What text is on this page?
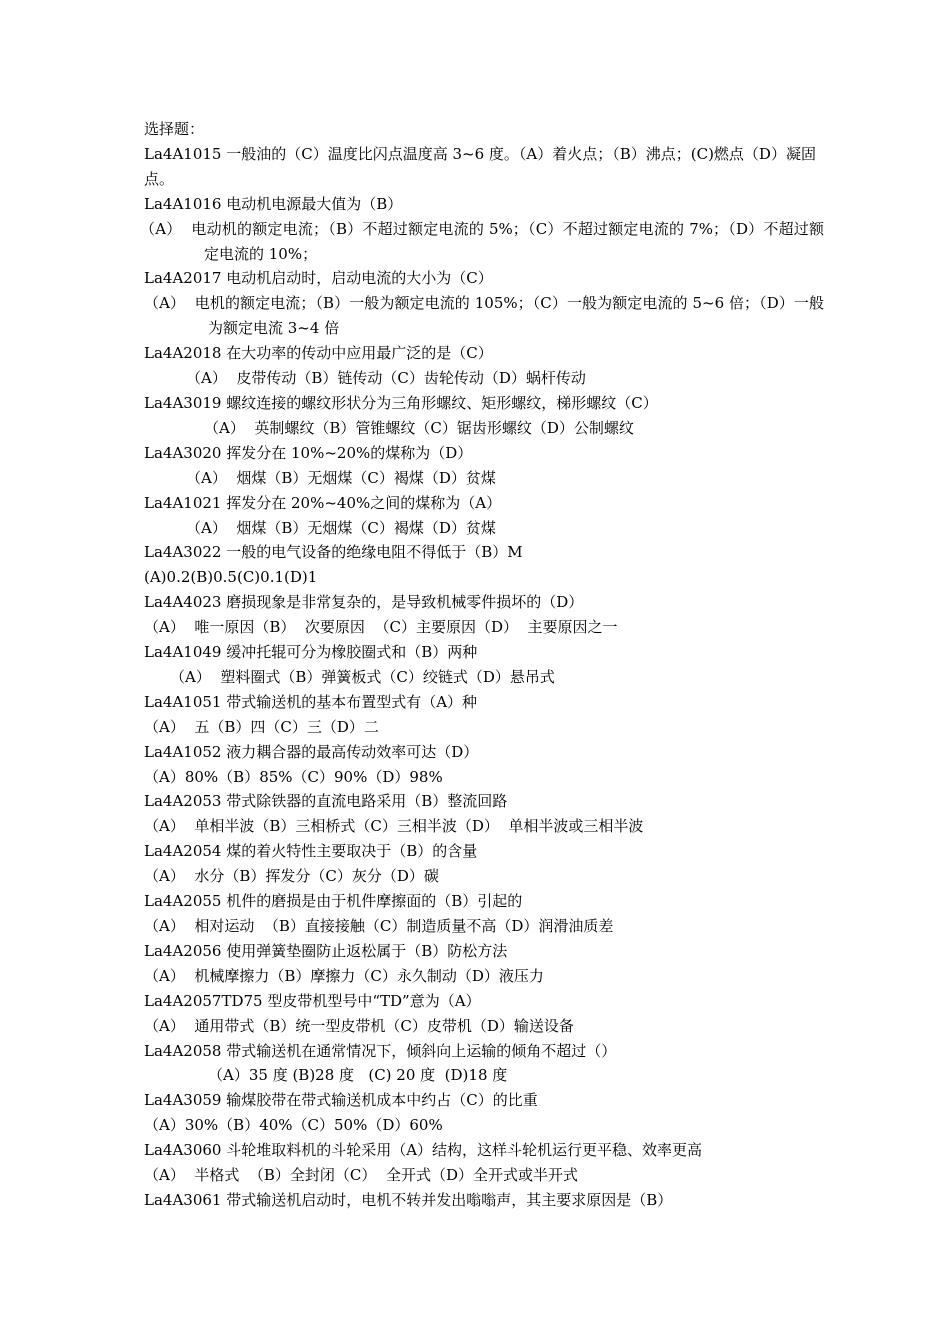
选择题：

La4A1015 一般油的（C）温度比闪点温度高 3~6 度。（A）着火点；（B）沸点；(C)燃点（D）凝固点。

La4A1016 电动机电源最大值为（B）

（A）  电动机的额定电流；（B）不超过额定电流的 5%；（C）不超过额定电流的 7%；（D）不超过额定电流的 10%；

La4A2017 电动机启动时，启动电流的大小为（C）

（A）  电机的额定电流；（B）一般为额定电流的 105%；（C）一般为额定电流的 5~6 倍；（D）一般为额定电流 3~4 倍

La4A2018 在大功率的传动中应用最广泛的是（C）

（A）  皮带传动（B）链传动（C）齿轮传动（D）蜗杆传动

La4A3019 螺纹连接的螺纹形状分为三角形螺纹、矩形螺纹，梯形螺纹（C）

（A）  英制螺纹（B）管锥螺纹（C）锯齿形螺纹（D）公制螺纹

La4A3020 挥发分在 10%~20%的煤称为（D）

（A）  烟煤（B）无烟煤（C）褐煤（D）贫煤

La4A1021 挥发分在 20%~40%之间的煤称为（A）

（A）  烟煤（B）无烟煤（C）褐煤（D）贫煤

La4A3022 一般的电气设备的绝缘电阻不得低于（B）M

(A)0.2(B)0.5(C)0.1(D)1

La4A4023 磨损现象是非常复杂的，是导致机械零件损坏的（D）

（A）  唯一原因（B）  次要原因  （C）主要原因（D）  主要原因之一

La4A1049 缓冲托辊可分为橡胶圈式和（B）两种

（A）  塑料圈式（B）弹簧板式（C）绞链式（D）悬吊式

La4A1051 带式输送机的基本布置型式有（A）种

（A）  五（B）四（C）三（D）二

La4A1052 液力耦合器的最高传动效率可达（D）

（A）80%（B）85%（C）90%（D）98%

La4A2053 带式除铁器的直流电路采用（B）整流回路

（A）  单相半波（B）三相桥式（C）三相半波（D）  单相半波或三相半波

La4A2054 煤的着火特性主要取决于（B）的含量

（A）  水分（B）挥发分（C）灰分（D）碳

La4A2055 机件的磨损是由于机件摩擦面的（B）引起的

（A）  相对运动  （B）直接接触（C）制造质量不高（D）润滑油质差

La4A2056 使用弹簧垫圈防止返松属于（B）防松方法

（A）  机械摩擦力（B）摩擦力（C）永久制动（D）液压力

La4A2057TD75 型皮带机型号中“TD”意为（A）

（A）  通用带式（B）统一型皮带机（C）皮带机（D）输送设备

La4A2058 带式输送机在通常情况下，倾斜向上运输的倾角不超过（）

（A）35 度 (B)28 度   (C) 20 度  (D)18 度

La4A3059 输煤胶带在带式输送机成本中约占（C）的比重

（A）30%（B）40%（C）50%（D）60%

La4A3060 斗轮堆取料机的斗轮采用（A）结构，这样斗轮机运行更平稳、效率更高

（A）  半格式  （B）全封闭（C）  全开式（D）全开式或半开式

La4A3061 带式输送机启动时，电机不转并发出嗡嗡声，其主要求原因是（B）
